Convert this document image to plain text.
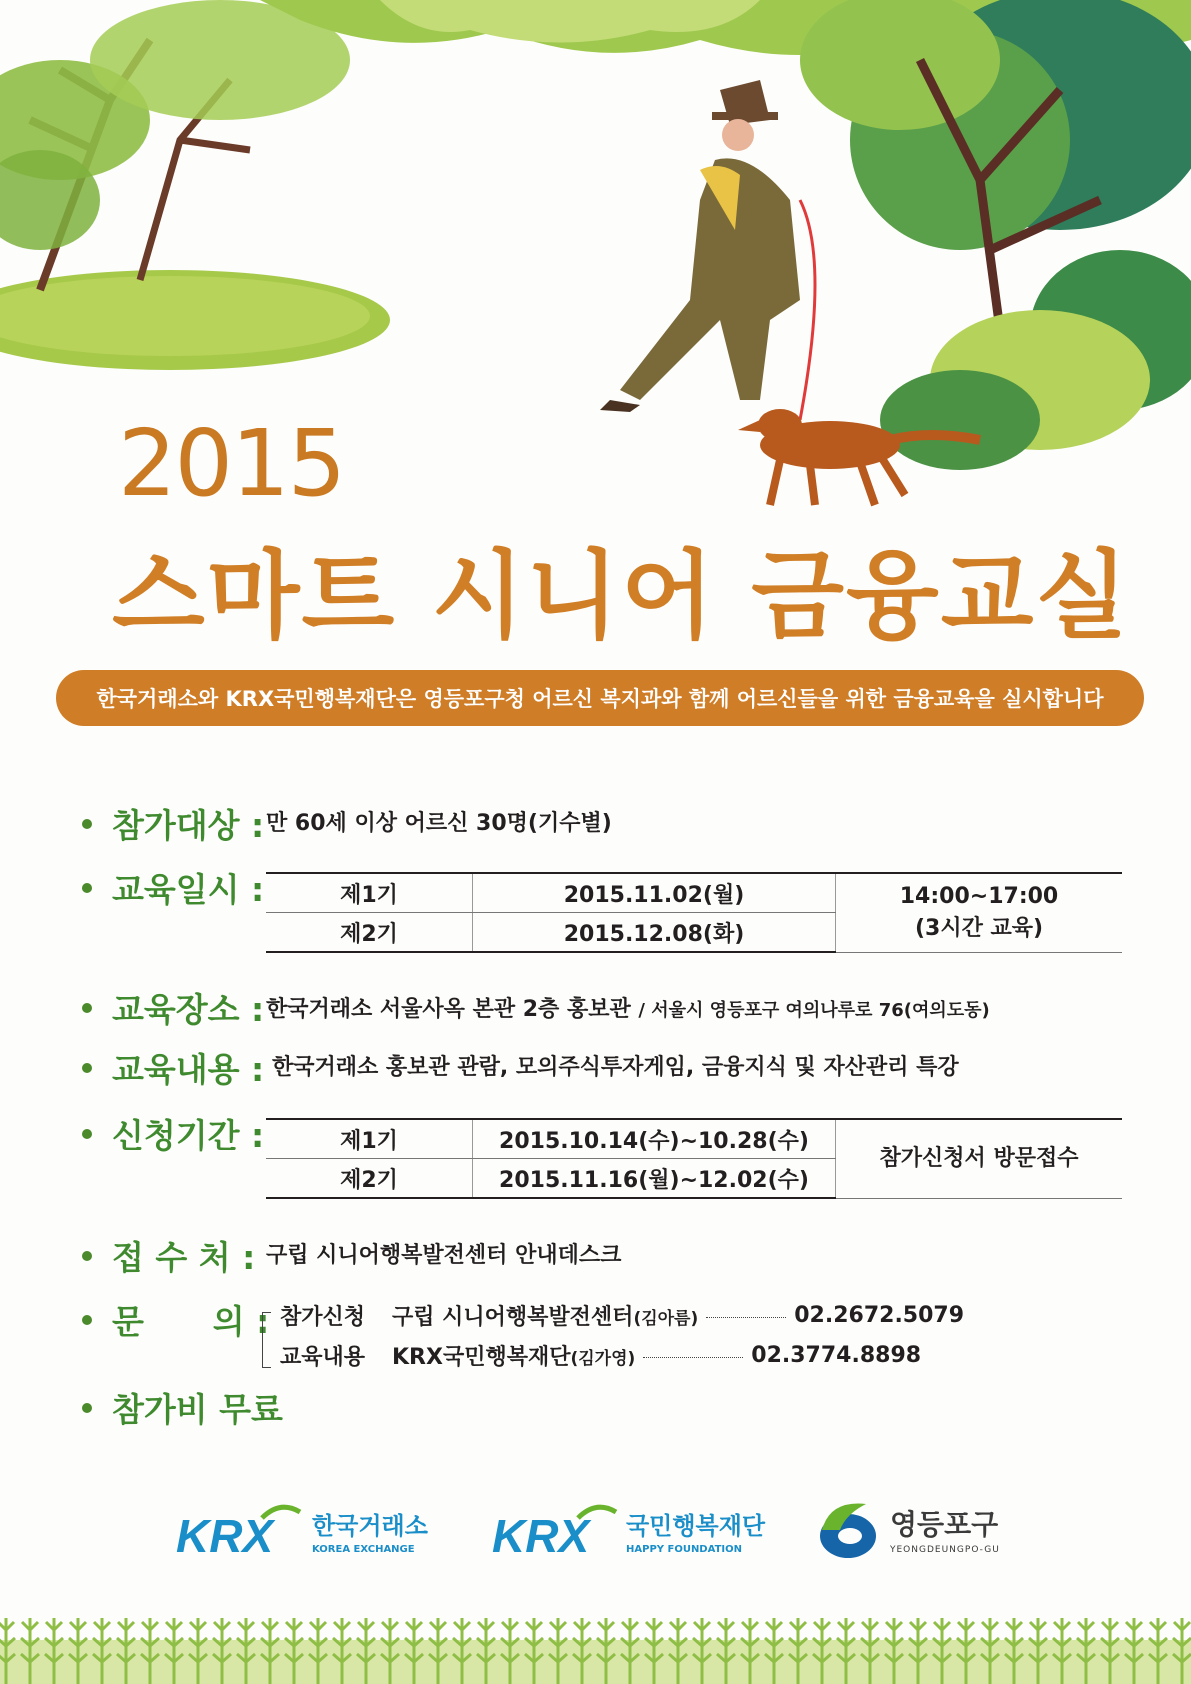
2015
스마트 시니어 금융교실
한국거래소와 KRX국민행복재단은 영등포구청 어르신 복지과와 함께 어르신들을 위한 금융교육을 실시합니다
참가대상 : 만 60세 이상 어르신 30명(기수별)
교육일시 :	제1기	2015.11.02(월)	14:00~17:00
(3시간 교육)

제2기	2015.12.08(화)	
교육장소 : 한국거래소 서울사옥 본관 2층 홍보관 / 서울시 영등포구 여의나루로 76(여의도동)
교육내용 : 한국거래소 홍보관 관람, 모의주식투자게임, 금융지식 및 자산관리 특강
신청기간 :	제1기	2015.10.14(수)~10.28(수)	참가신청서 방문접수
제2기	2015.11.16(월)~12.02(수)	
접 수 처 : 구립 시니어행복발전센터 안내데스크
문      의 : 참가신청	구립 시니어행복발전센터(김아름)	02.2672.5079
교육내용	KRX국민행복재단(김가영)	02.3774.8898
참가비 무료
KRX 한국거래소
KOREA EXCHANGE KRX 국민행복재단
HAPPY FOUNDATION
영등포구
YEONGDEUNGPO-GU
